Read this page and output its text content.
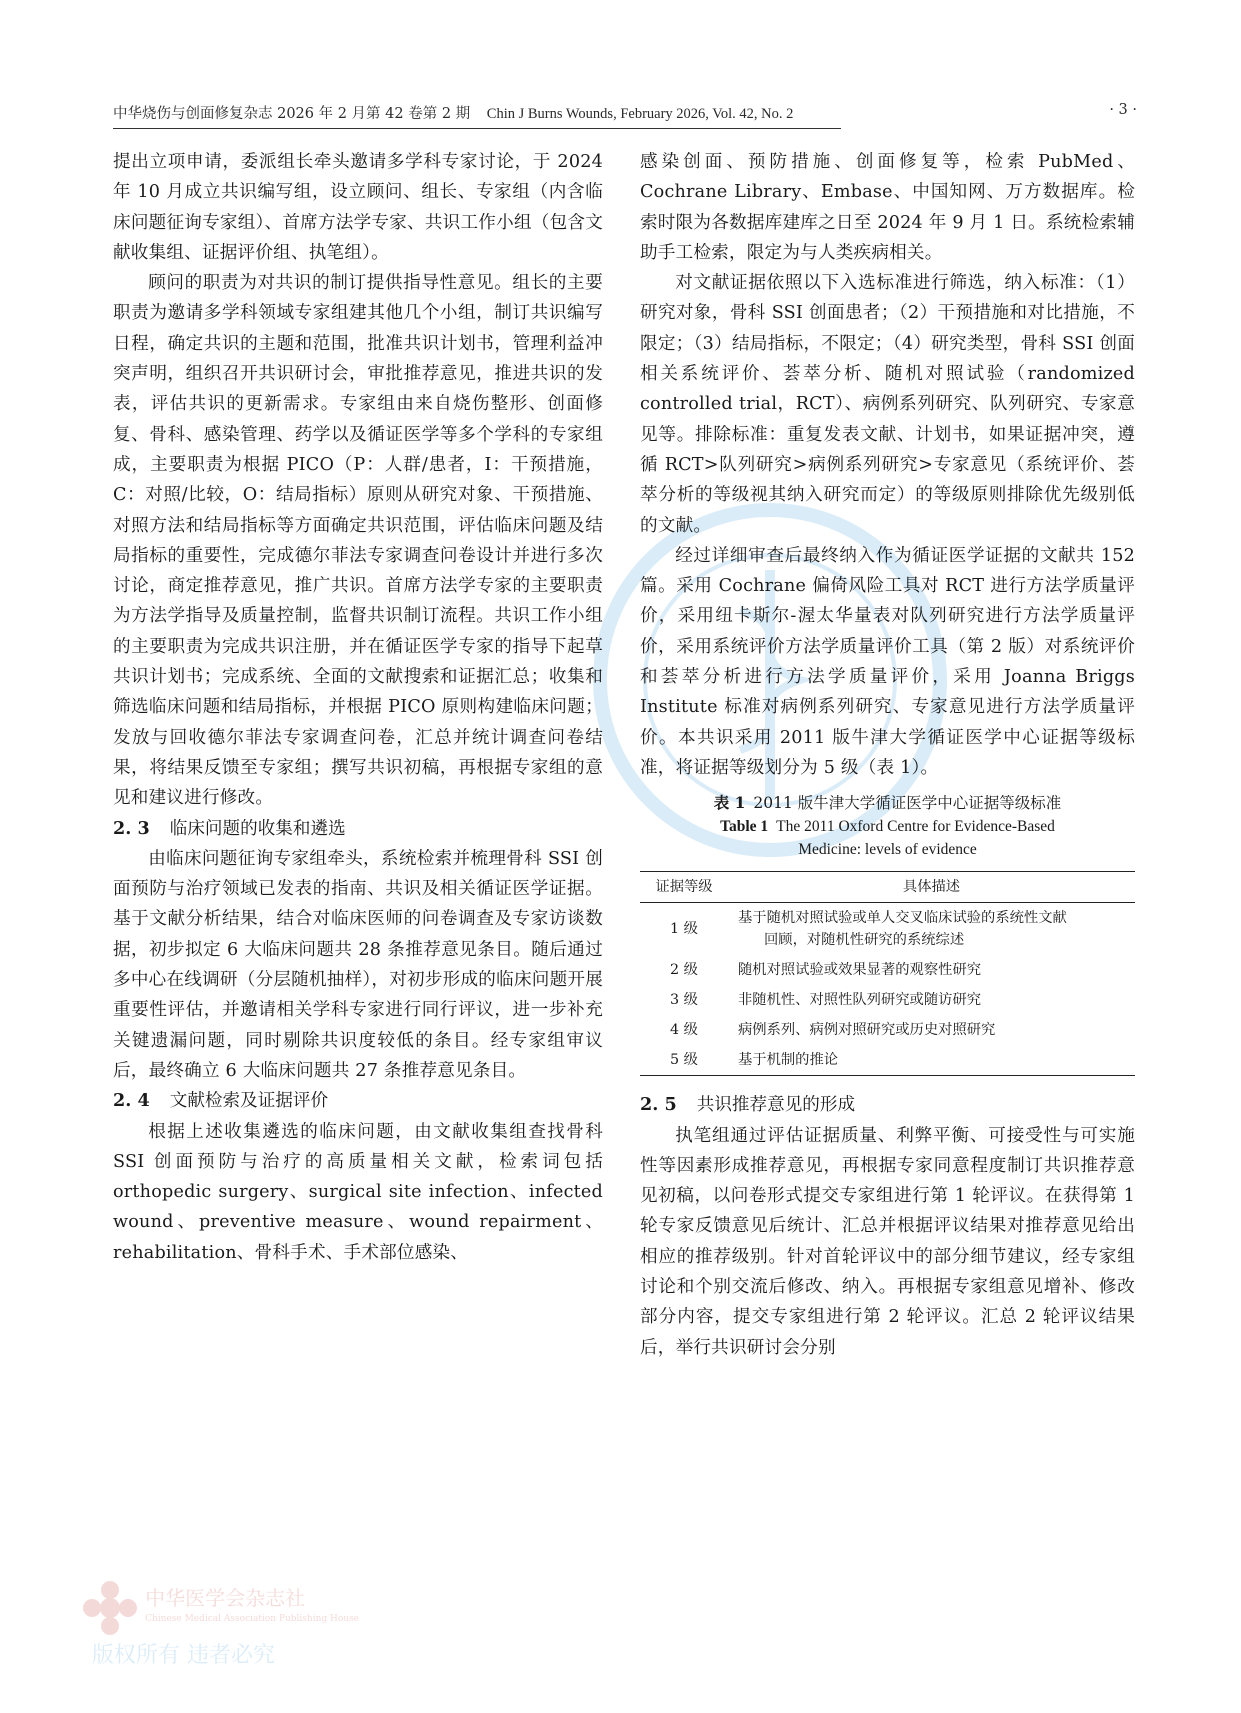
中华烧伤与创面修复杂志 2026 年 2 月第 42 卷第 2 期 Chin J Burns Wounds, February 2026, Vol. 42, No. 2	· 3 ·

提出立项申请，委派组长牵头邀请多学科专家讨论，于 2024 年 10 月成立共识编写组，设立顾问、组长、专家组（内含临床问题征询专家组）、首席方法学专家、共识工作小组（包含文献收集组、证据评价组、执笔组）。

顾问的职责为对共识的制订提供指导性意见。组长的主要职责为邀请多学科领域专家组建其他几个小组，制订共识编写日程，确定共识的主题和范围，批准共识计划书，管理利益冲突声明，组织召开共识研讨会，审批推荐意见，推进共识的发表，评估共识的更新需求。专家组由来自烧伤整形、创面修复、骨科、感染管理、药学以及循证医学等多个学科的专家组成，主要职责为根据 PICO（P：人群/患者，I：干预措施，C：对照/比较，O：结局指标）原则从研究对象、干预措施、对照方法和结局指标等方面确定共识范围，评估临床问题及结局指标的重要性，完成德尔菲法专家调查问卷设计并进行多次讨论，商定推荐意见，推广共识。首席方法学专家的主要职责为方法学指导及质量控制，监督共识制订流程。共识工作小组的主要职责为完成共识注册，并在循证医学专家的指导下起草共识计划书；完成系统、全面的文献搜索和证据汇总；收集和筛选临床问题和结局指标，并根据 PICO 原则构建临床问题；发放与回收德尔菲法专家调查问卷，汇总并统计调查问卷结果，将结果反馈至专家组；撰写共识初稿，再根据专家组的意见和建议进行修改。

2. 3 临床问题的收集和遴选

由临床问题征询专家组牵头，系统检索并梳理骨科 SSI 创面预防与治疗领域已发表的指南、共识及相关循证医学证据。基于文献分析结果，结合对临床医师的问卷调查及专家访谈数据，初步拟定 6 大临床问题共 28 条推荐意见条目。随后通过多中心在线调研（分层随机抽样），对初步形成的临床问题开展重要性评估，并邀请相关学科专家进行同行评议，进一步补充关键遗漏问题，同时剔除共识度较低的条目。经专家组审议后，最终确立 6 大临床问题共 27 条推荐意见条目。

2. 4 文献检索及证据评价

根据上述收集遴选的临床问题，由文献收集组查找骨科 SSI 创面预防与治疗的高质量相关文献，检索词包括 orthopedic surgery、surgical site infection、infected wound、preventive measure、wound repairment、rehabilitation、骨科手术、手术部位感染、

感染创面、预防措施、创面修复等，检索 PubMed、Cochrane Library、Embase、中国知网、万方数据库。检索时限为各数据库建库之日至 2024 年 9 月 1 日。系统检索辅助手工检索，限定为与人类疾病相关。

对文献证据依照以下入选标准进行筛选，纳入标准：（1）研究对象，骨科 SSI 创面患者；（2）干预措施和对比措施，不限定；（3）结局指标，不限定；（4）研究类型，骨科 SSI 创面相关系统评价、荟萃分析、随机对照试验（randomized controlled trial，RCT）、病例系列研究、队列研究、专家意见等。排除标准：重复发表文献、计划书，如果证据冲突，遵循 RCT>队列研究>病例系列研究>专家意见（系统评价、荟萃分析的等级视其纳入研究而定）的等级原则排除优先级别低的文献。

经过详细审查后最终纳入作为循证医学证据的文献共 152 篇。采用 Cochrane 偏倚风险工具对 RCT 进行方法学质量评价，采用纽卡斯尔-渥太华量表对队列研究进行方法学质量评价，采用系统评价方法学质量评价工具（第 2 版）对系统评价和荟萃分析进行方法学质量评价，采用 Joanna Briggs Institute 标准对病例系列研究、专家意见进行方法学质量评价。本共识采用 2011 版牛津大学循证医学中心证据等级标准，将证据等级划分为 5 级（表 1）。

表 1 2011 版牛津大学循证医学中心证据等级标准

Table 1 The 2011 Oxford Centre for Evidence-Based

Medicine: levels of evidence

证据等级	具体描述
1 级	基于随机对照试验或单人交叉临床试验的系统性文献
回顾，对随机性研究的系统综述

2 级	随机对照试验或效果显著的观察性研究
3 级	非随机性、对照性队列研究或随访研究
4 级	病例系列、病例对照研究或历史对照研究
5 级	基于机制的推论
2. 5 共识推荐意见的形成

执笔组通过评估证据质量、利弊平衡、可接受性与可实施性等因素形成推荐意见，再根据专家同意程度制订共识推荐意见初稿，以问卷形式提交专家组进行第 1 轮评议。在获得第 1 轮专家反馈意见后统计、汇总并根据评议结果对推荐意见给出相应的推荐级别。针对首轮评议中的部分细节建议，经专家组讨论和个别交流后修改、纳入。再根据专家组意见增补、修改部分内容，提交专家组进行第 2 轮评议。汇总 2 轮评议结果后，举行共识研讨会分别

中华医学会杂志社
Chinese Medical Association Publishing House 版权所有 违者必究
